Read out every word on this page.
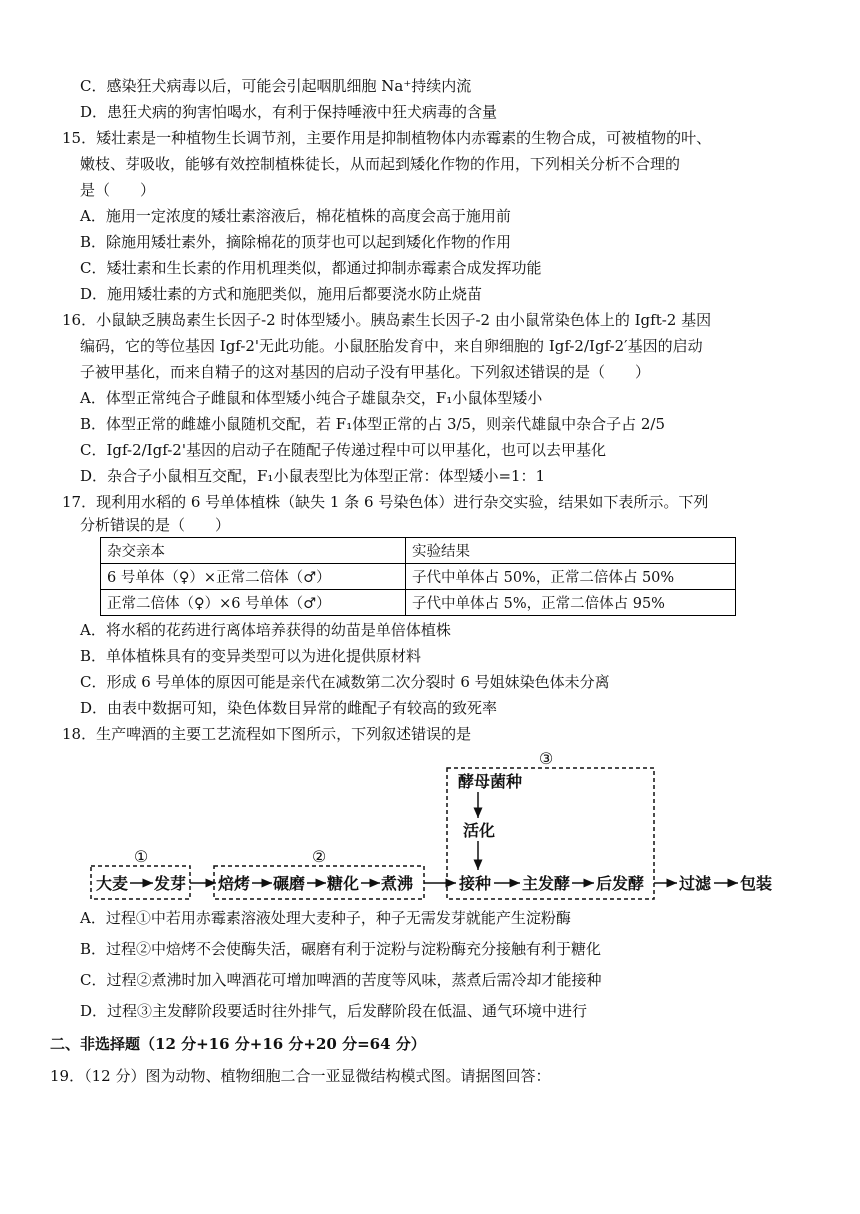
C．感染狂犬病毒以后，可能会引起咽肌细胞 Na⁺持续内流
D．患狂犬病的狗害怕喝水，有利于保持唾液中狂犬病毒的含量
15．矮壮素是一种植物生长调节剂，主要作用是抑制植物体内赤霉素的生物合成，可被植物的叶、
嫩枝、芽吸收，能够有效控制植株徒长，从而起到矮化作物的作用，下列相关分析不合理的
是（　　）
A．施用一定浓度的矮壮素溶液后，棉花植株的高度会高于施用前
B．除施用矮壮素外，摘除棉花的顶芽也可以起到矮化作物的作用
C．矮壮素和生长素的作用机理类似，都通过抑制赤霉素合成发挥功能
D．施用矮壮素的方式和施肥类似，施用后都要浇水防止烧苗
16．小鼠缺乏胰岛素生长因子-2 时体型矮小。胰岛素生长因子-2 由小鼠常染色体上的 Igft-2 基因
编码，它的等位基因 Igf-2'无此功能。小鼠胚胎发育中，来自卵细胞的 Igf-2/Igf-2′基因的启动
子被甲基化，而来自精子的这对基因的启动子没有甲基化。下列叙述错误的是（　　）
A．体型正常纯合子雌鼠和体型矮小纯合子雄鼠杂交，F₁小鼠体型矮小
B．体型正常的雌雄小鼠随机交配，若 F₁体型正常的占 3/5，则亲代雄鼠中杂合子占 2/5
C．Igf-2/Igf-2'基因的启动子在随配子传递过程中可以甲基化，也可以去甲基化
D．杂合子小鼠相互交配，F₁小鼠表型比为体型正常：体型矮小=1：1
17．现利用水稻的 6 号单体植株（缺失 1 条 6 号染色体）进行杂交实验，结果如下表所示。下列
分析错误的是（　　）
杂交亲本	实验结果
6 号单体（♀）×正常二倍体（♂）	子代中单体占 50%，正常二倍体占 50%
正常二倍体（♀）×6 号单体（♂）	子代中单体占 5%，正常二倍体占 95%
A．将水稻的花药进行离体培养获得的幼苗是单倍体植株
B．单体植株具有的变异类型可以为进化提供原材料
C．形成 6 号单体的原因可能是亲代在减数第二次分裂时 6 号姐妹染色体未分离
D．由表中数据可知，染色体数目异常的雌配子有较高的致死率
18．生产啤酒的主要工艺流程如下图所示，下列叙述错误的是
①	②
③
酵母菌种
活化
大麦 发芽 焙烤 碾磨 糖化 煮沸	接种 主发酵 后发酵 过滤 包装
A．过程①中若用赤霉素溶液处理大麦种子，种子无需发芽就能产生淀粉酶
B．过程②中焙烤不会使酶失活，碾磨有利于淀粉与淀粉酶充分接触有利于糖化
C．过程②煮沸时加入啤酒花可增加啤酒的苦度等风味，蒸煮后需冷却才能接种
D．过程③主发酵阶段要适时往外排气，后发酵阶段在低温、通气环境中进行
二、非选择题（12 分+16 分+16 分+20 分=64 分）
19．（12 分）图为动物、植物细胞二合一亚显微结构模式图。请据图回答：
